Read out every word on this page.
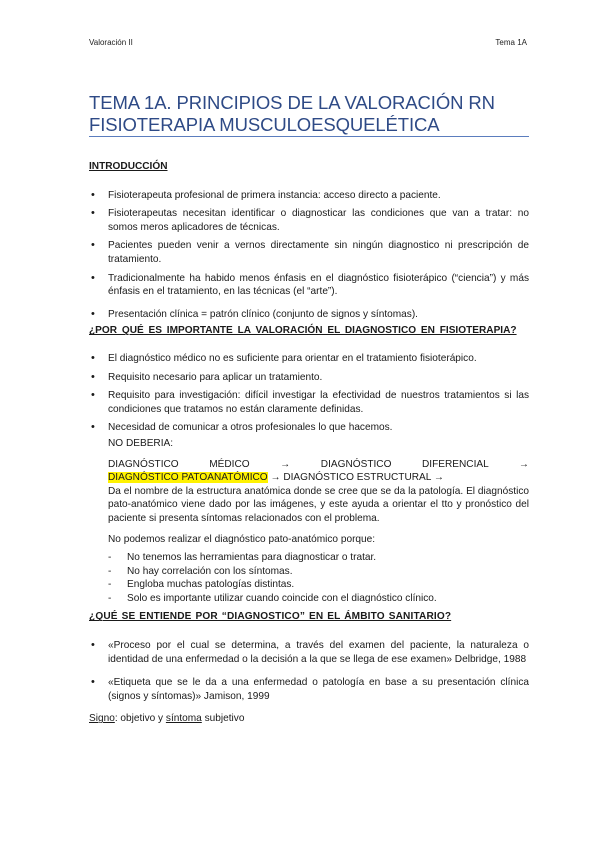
Valoración II	Tema 1A
TEMA 1A. PRINCIPIOS DE LA VALORACIÓN RN
FISIOTERAPIA MUSCULOESQUELÉTICA

INTRODUCCIÓN

• Fisioterapeuta profesional de primera instancia: acceso directo a paciente.
• Fisioterapeutas necesitan identificar o diagnosticar las condiciones que van a tratar: no somos meros aplicadores de técnicas.
• Pacientes pueden venir a vernos directamente sin ningún diagnostico ni prescripción de tratamiento.
• Tradicionalmente ha habido menos énfasis en el diagnóstico fisioterápico (“ciencia”) y más énfasis en el tratamiento, en las técnicas (el “arte”).
• Presentación clínica = patrón clínico (conjunto de signos y síntomas).

¿POR QUÉ ES IMPORTANTE LA VALORACIÓN EL DIAGNOSTICO EN FISIOTERAPIA?

• El diagnóstico médico no es suficiente para orientar en el tratamiento fisioterápico.
• Requisito necesario para aplicar un tratamiento.
• Requisito para investigación: difícil investigar la efectividad de nuestros tratamientos si las condiciones que tratamos no están claramente definidas.
• Necesidad de comunicar a otros profesionales lo que hacemos.
NO DEBERIA:
DIAGNÓSTICO MÉDICO → DIAGNÓSTICO DIFERENCIAL →
DIAGNÓSTICO PATOANATÓMICO → DIAGNÓSTICO ESTRUCTURAL →
Da el nombre de la estructura anatómica donde se cree que se da la patología. El diagnóstico pato-anatómico viene dado por las imágenes, y este ayuda a orientar el tto y pronóstico del paciente si presenta síntomas relacionados con el problema.
No podemos realizar el diagnóstico pato-anatómico porque:
- No tenemos las herramientas para diagnosticar o tratar.
- No hay correlación con los síntomas.
- Engloba muchas patologías distintas.
- Solo es importante utilizar cuando coincide con el diagnóstico clínico.

¿QUÉ SE ENTIENDE POR “DIAGNOSTICO” EN EL ÁMBITO SANITARIO?

• «Proceso por el cual se determina, a través del examen del paciente, la naturaleza o identidad de una enfermedad o la decisión a la que se llega de ese examen» Delbridge, 1988
• «Etiqueta que se le da a una enfermedad o patología en base a su presentación clínica (signos y síntomas)» Jamison, 1999
Signo: objetivo y síntoma subjetivo
